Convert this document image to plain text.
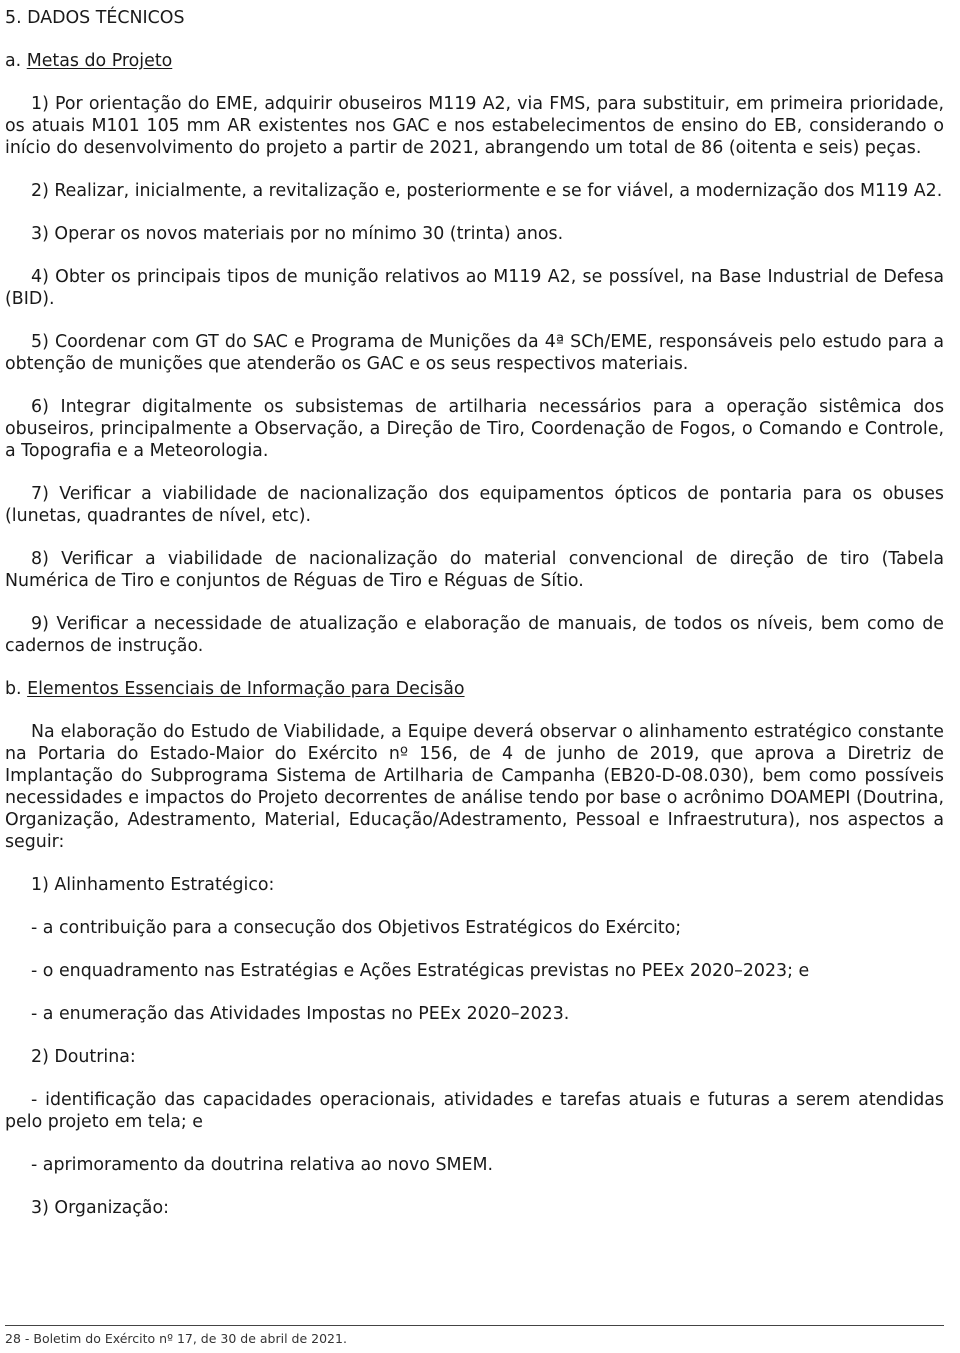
5. DADOS TÉCNICOS
a. Metas do Projeto

1) Por orientação do EME, adquirir obuseiros M119 A2, via FMS, para substituir, em primeira prioridade, os atuais M101 105 mm AR existentes nos GAC e nos estabelecimentos de ensino do EB, considerando o início do desenvolvimento do projeto a partir de 2021, abrangendo um total de 86 (oitenta e seis) peças.

2) Realizar, inicialmente, a revitalização e, posteriormente e se for viável, a modernização dos M119 A2.

3) Operar os novos materiais por no mínimo 30 (trinta) anos.

4) Obter os principais tipos de munição relativos ao M119 A2, se possível, na Base Industrial de Defesa (BID).

5) Coordenar com GT do SAC e Programa de Munições da 4ª SCh/EME, responsáveis pelo estudo para a obtenção de munições que atenderão os GAC e os seus respectivos materiais.

6) Integrar digitalmente os subsistemas de artilharia necessários para a operação sistêmica dos obuseiros, principalmente a Observação, a Direção de Tiro, Coordenação de Fogos, o Comando e Controle, a Topografia e a Meteorologia.

7) Verificar a viabilidade de nacionalização dos equipamentos ópticos de pontaria para os obuses (lunetas, quadrantes de nível, etc).

8) Verificar a viabilidade de nacionalização do material convencional de direção de tiro (Tabela Numérica de Tiro e conjuntos de Réguas de Tiro e Réguas de Sítio.

9) Verificar a necessidade de atualização e elaboração de manuais, de todos os níveis, bem como de cadernos de instrução.

b. Elementos Essenciais de Informação para Decisão

Na elaboração do Estudo de Viabilidade, a Equipe deverá observar o alinhamento estratégico constante na Portaria do Estado-Maior do Exército nº 156, de 4 de junho de 2019, que aprova a Diretriz de Implantação do Subprograma Sistema de Artilharia de Campanha (EB20-D-08.030), bem como possíveis necessidades e impactos do Projeto decorrentes de análise tendo por base o acrônimo DOAMEPI (Doutrina, Organização, Adestramento, Material, Educação/Adestramento, Pessoal e Infraestrutura), nos aspectos a seguir:

1) Alinhamento Estratégico:

- a contribuição para a consecução dos Objetivos Estratégicos do Exército;

- o enquadramento nas Estratégias e Ações Estratégicas previstas no PEEx 2020–2023; e

- a enumeração das Atividades Impostas no PEEx 2020–2023.

2) Doutrina:

- identificação das capacidades operacionais, atividades e tarefas atuais e futuras a serem atendidas pelo projeto em tela; e

- aprimoramento da doutrina relativa ao novo SMEM.

3) Organização:

28 - Boletim do Exército nº 17, de 30 de abril de 2021.
